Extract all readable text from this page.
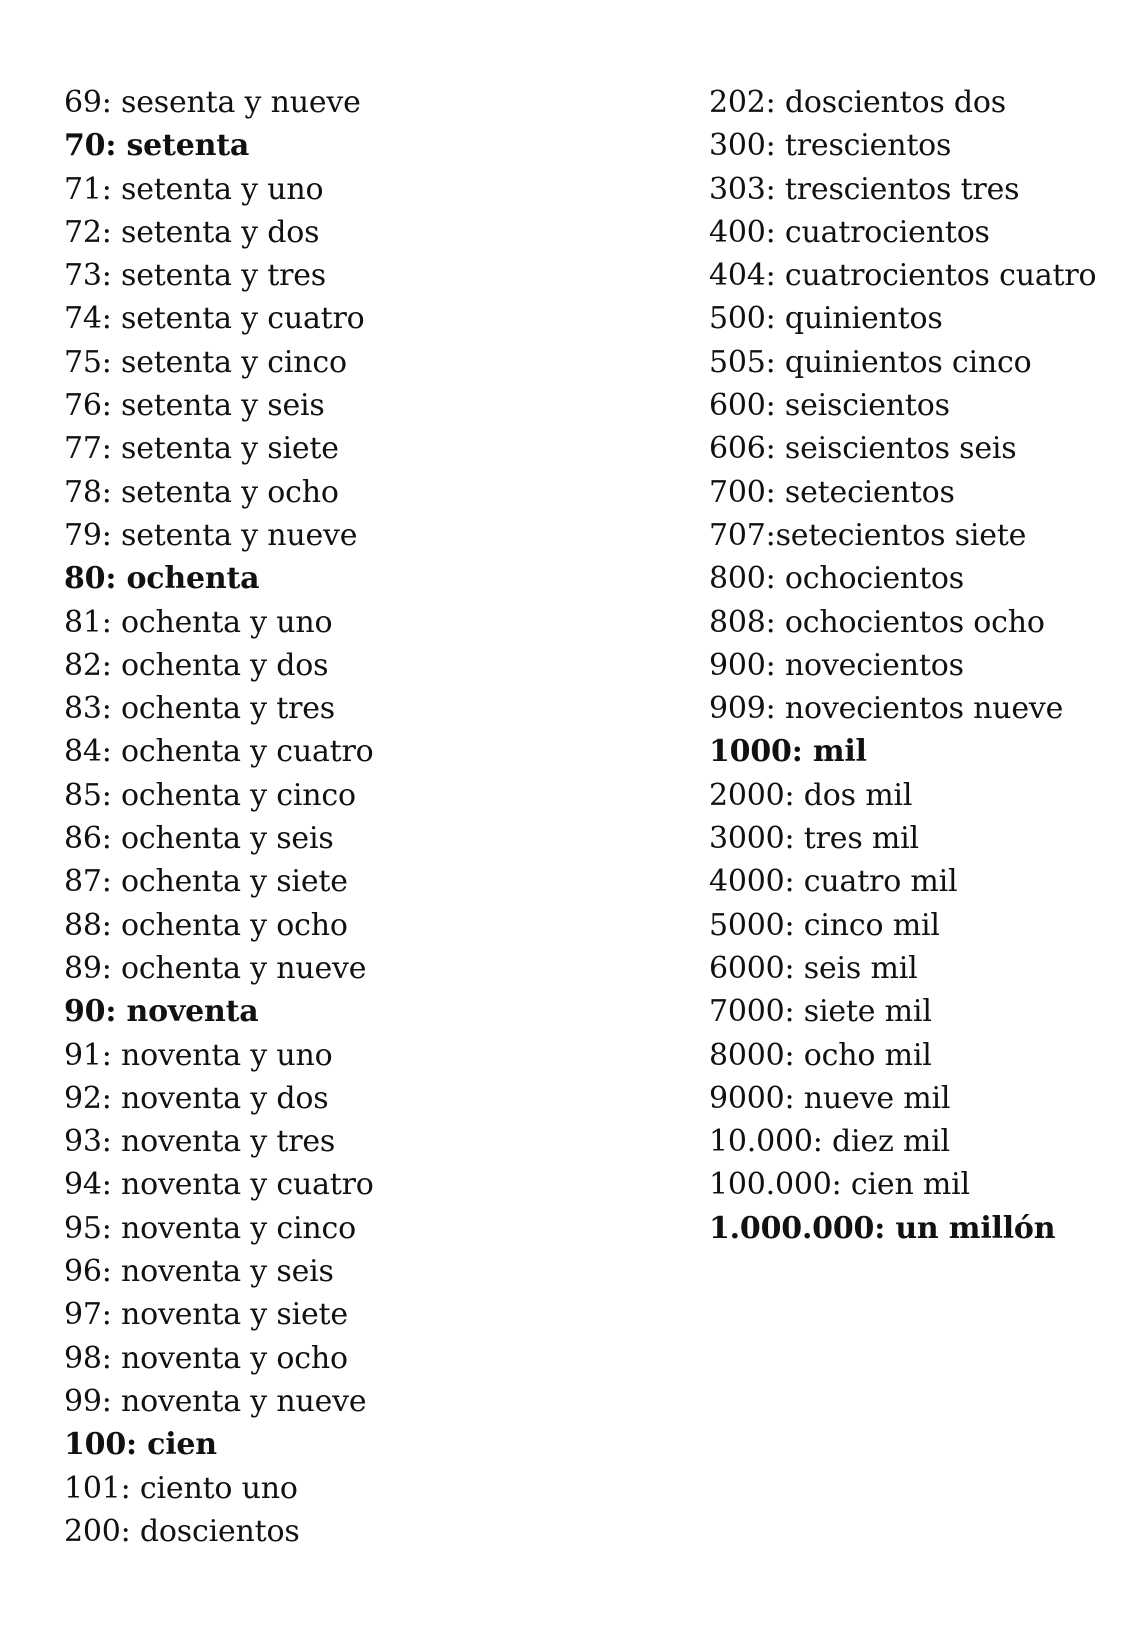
69: sesenta y nueve
70: setenta
71: setenta y uno
72: setenta y dos
73: setenta y tres
74: setenta y cuatro
75: setenta y cinco
76: setenta y seis
77: setenta y siete
78: setenta y ocho
79: setenta y nueve
80: ochenta
81: ochenta y uno
82: ochenta y dos
83: ochenta y tres
84: ochenta y cuatro
85: ochenta y cinco
86: ochenta y seis
87: ochenta y siete
88: ochenta y ocho
89: ochenta y nueve
90: noventa
91: noventa y uno
92: noventa y dos
93: noventa y tres
94: noventa y cuatro
95: noventa y cinco
96: noventa y seis
97: noventa y siete
98: noventa y ocho
99: noventa y nueve
100: cien
101: ciento uno
200: doscientos
202: doscientos dos
300: trescientos
303: trescientos tres
400: cuatrocientos
404: cuatrocientos cuatro
500: quinientos
505: quinientos cinco
600: seiscientos
606: seiscientos seis
700: setecientos
707:setecientos siete
800: ochocientos
808: ochocientos ocho
900: novecientos
909: novecientos nueve
1000: mil
2000: dos mil
3000: tres mil
4000: cuatro mil
5000: cinco mil
6000: seis mil
7000: siete mil
8000: ocho mil
9000: nueve mil
10.000: diez mil
100.000: cien mil
1.000.000: un millón
